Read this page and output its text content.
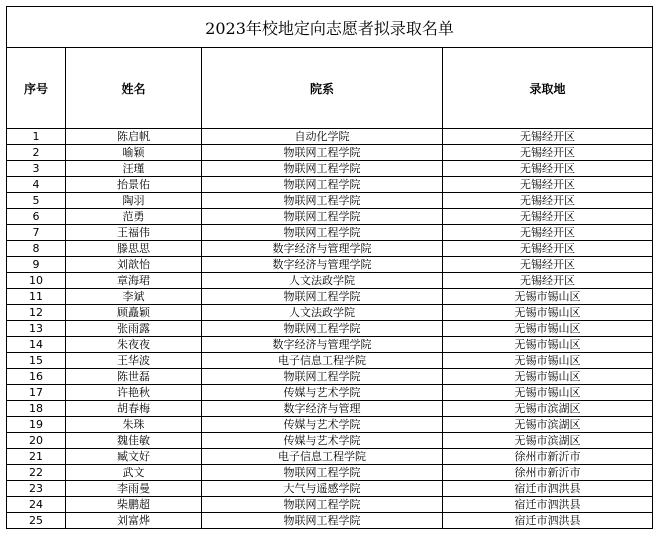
2023年校地定向志愿者拟录取名单			
序号	姓名	院系	录取地
1	陈启帆	自动化学院	无锡经开区
2	喻颖	物联网工程学院	无锡经开区
3	汪瑾	物联网工程学院	无锡经开区
4	抬景佑	物联网工程学院	无锡经开区
5	陶羽	物联网工程学院	无锡经开区
6	范勇	物联网工程学院	无锡经开区
7	王福伟	物联网工程学院	无锡经开区
8	滕思思	数字经济与管理学院	无锡经开区
9	刘歆怡	数字经济与管理学院	无锡经开区
10	章海珺	人文法政学院	无锡经开区
11	李斌	物联网工程学院	无锡市锡山区
12	顾矗颖	人文法政学院	无锡市锡山区
13	张雨露	物联网工程学院	无锡市锡山区
14	朱夜夜	数字经济与管理学院	无锡市锡山区
15	王华波	电子信息工程学院	无锡市锡山区
16	陈世磊	物联网工程学院	无锡市锡山区
17	许艳秋	传媒与艺术学院	无锡市锡山区
18	胡春梅	数字经济与管理	无锡市滨湖区
19	朱珠	传媒与艺术学院	无锡市滨湖区
20	魏佳敏	传媒与艺术学院	无锡市滨湖区
21	臧文好	电子信息工程学院	徐州市新沂市
22	武文	物联网工程学院	徐州市新沂市
23	李雨曼	大气与遥感学院	宿迁市泗洪县
24	柴鹏超	物联网工程学院	宿迁市泗洪县
25	刘富烨	物联网工程学院	宿迁市泗洪县
